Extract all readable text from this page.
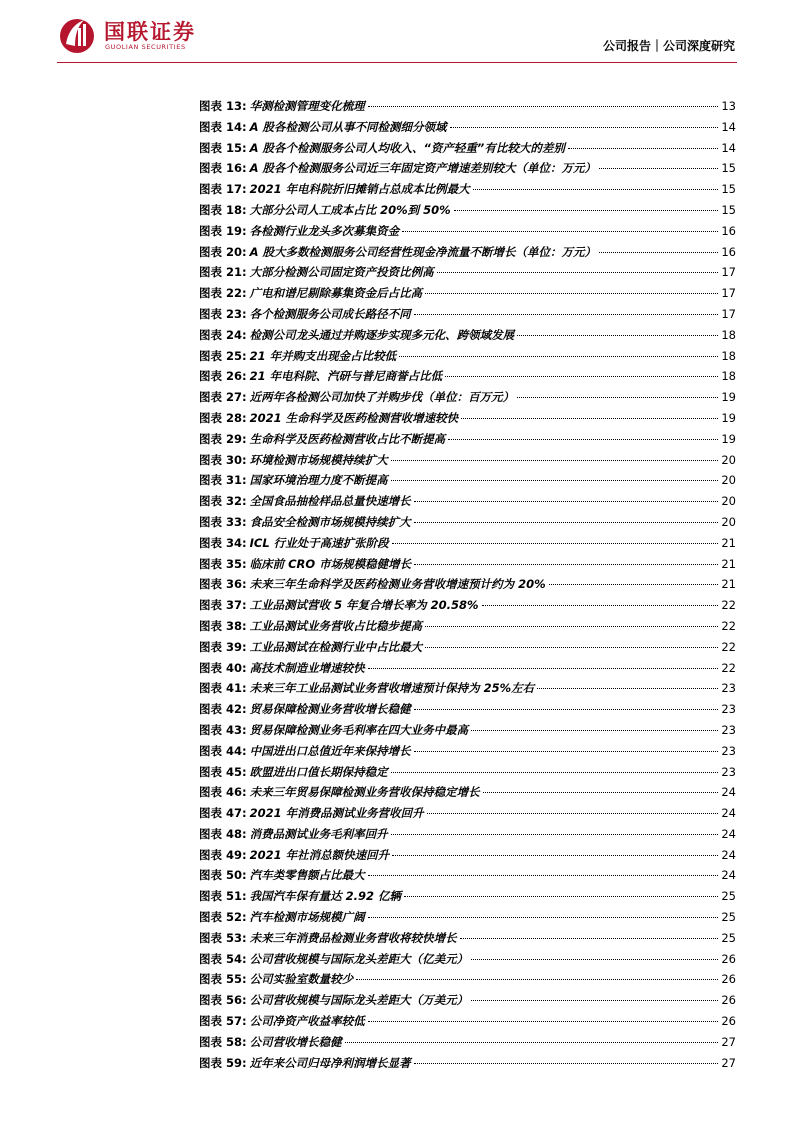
国联证券
GUOLIAN SECURITIES	公司报告｜公司深度研究
图表 13: 华测检测管理变化梳理	13
图表 14: A 股各检测公司从事不同检测细分领域	14
图表 15: A 股各个检测服务公司人均收入、“资产轻重”有比较大的差别	14
图表 16: A 股各个检测服务公司近三年固定资产增速差别较大（单位：万元）	15
图表 17: 2021 年电科院折旧摊销占总成本比例最大	15
图表 18: 大部分公司人工成本占比 20%到 50%	15
图表 19: 各检测行业龙头多次募集资金	16
图表 20: A 股大多数检测服务公司经营性现金净流量不断增长（单位：万元）	16
图表 21: 大部分检测公司固定资产投资比例高	17
图表 22: 广电和谱尼剔除募集资金后占比高	17
图表 23: 各个检测服务公司成长路径不同	17
图表 24: 检测公司龙头通过并购逐步实现多元化、跨领域发展	18
图表 25: 21 年并购支出现金占比较低	18
图表 26: 21 年电科院、汽研与普尼商誉占比低	18
图表 27: 近两年各检测公司加快了并购步伐（单位：百万元）	19
图表 28: 2021 生命科学及医药检测营收增速较快	19
图表 29: 生命科学及医药检测营收占比不断提高	19
图表 30: 环境检测市场规模持续扩大	20
图表 31: 国家环境治理力度不断提高	20
图表 32: 全国食品抽检样品总量快速增长	20
图表 33: 食品安全检测市场规模持续扩大	20
图表 34: ICL 行业处于高速扩张阶段	21
图表 35: 临床前 CRO 市场规模稳健增长	21
图表 36: 未来三年生命科学及医药检测业务营收增速预计约为 20%	21
图表 37: 工业品测试营收 5 年复合增长率为 20.58%	22
图表 38: 工业品测试业务营收占比稳步提高	22
图表 39: 工业品测试在检测行业中占比最大	22
图表 40: 高技术制造业增速较快	22
图表 41: 未来三年工业品测试业务营收增速预计保持为 25%左右	23
图表 42: 贸易保障检测业务营收增长稳健	23
图表 43: 贸易保障检测业务毛利率在四大业务中最高	23
图表 44: 中国进出口总值近年来保持增长	23
图表 45: 欧盟进出口值长期保持稳定	23
图表 46: 未来三年贸易保障检测业务营收保持稳定增长	24
图表 47: 2021 年消费品测试业务营收回升	24
图表 48: 消费品测试业务毛利率回升	24
图表 49: 2021 年社消总额快速回升	24
图表 50: 汽车类零售额占比最大	24
图表 51: 我国汽车保有量达 2.92 亿辆	25
图表 52: 汽车检测市场规模广阔	25
图表 53: 未来三年消费品检测业务营收将较快增长	25
图表 54: 公司营收规模与国际龙头差距大（亿美元）	26
图表 55: 公司实验室数量较少	26
图表 56: 公司营收规模与国际龙头差距大（万美元）	26
图表 57: 公司净资产收益率较低	26
图表 58: 公司营收增长稳健	27
图表 59: 近年来公司归母净利润增长显著	27
